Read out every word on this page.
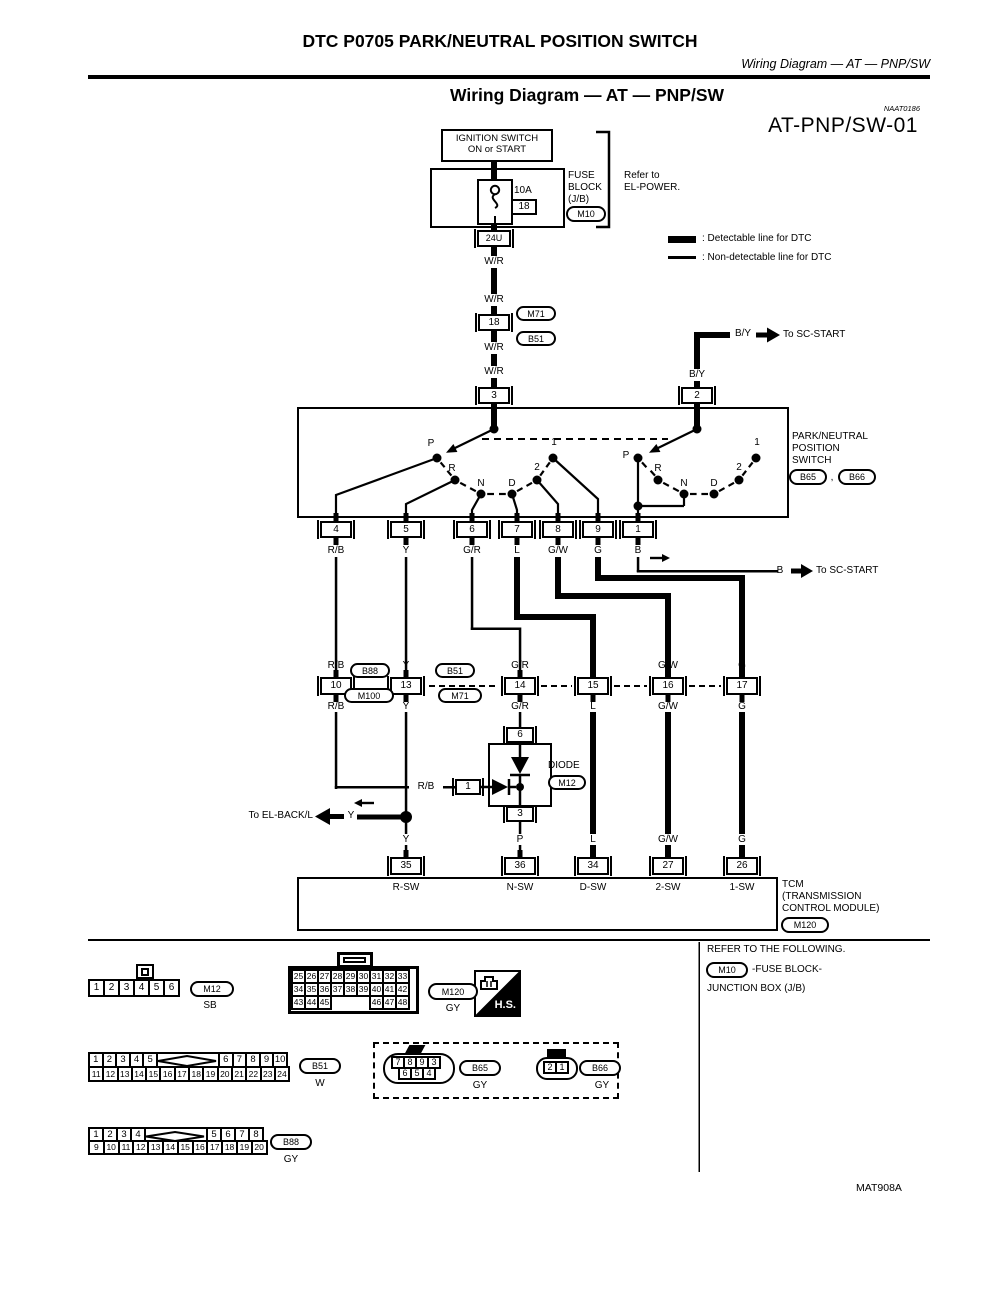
DTC P0705 PARK/NEUTRAL POSITION SWITCH
Wiring Diagram — AT — PNP/SW
Wiring Diagram — AT — PNP/SW
NAAT0186
AT-PNP/SW-01
: Detectable line for DTC
: Non-detectable line for DTC
IGNITION SWITCH
ON or START
10A
18
FUSE
BLOCK
(J/B)
M10
Refer to
EL-POWER.
24U
W/R
W/R
18
M71
B51
W/R
W/R
3
B/Y	To SC-START
B/Y
2
P
R
N	D
2
1
P
R
N	D
2
1
PARK/NEUTRAL
POSITION
SWITCH
B65	,	B66
4	5	6	7	8	9	1
R/B	Y	G/R	L	G/W	G	B
B	To SC-START
R/B	Y	G/R	L	G/W	G
10	13	14	15	16	17
B88
M100
B51
M71
R/B	Y	G/R	L	G/W	G
R/B
6
1
3
DIODE
M12
To EL-BACK/L	Y
Y	P	L	G/W	G
35	36	34	27	26
R-SW	N-SW	D-SW	2-SW	1-SW	TCM
(TRANSMISSION
CONTROL MODULE)
M120
REFER TO THE FOLLOWING.
M10	-FUSE BLOCK-
JUNCTION BOX (J/B)
MAT908A
1 2 3 4 5 6	M12
SB
25 26 27 28 29 30 31 32 33
34 35 36 37 38 39 40 41 42
43 44 45	46 47 48
M120
GY	H.S.
1 2 3 4 5	6 7 8 9 10
11 12 13 14 15 16 17 18 19 20 21 22 23 24
B51
W
7 8 9 3
6 5 4	B65
GY
2 1	B66
GY
1 2 3 4	5 6 7 8
9 10 11 12 13 14 15 16 17 18 19 20	B88
GY
